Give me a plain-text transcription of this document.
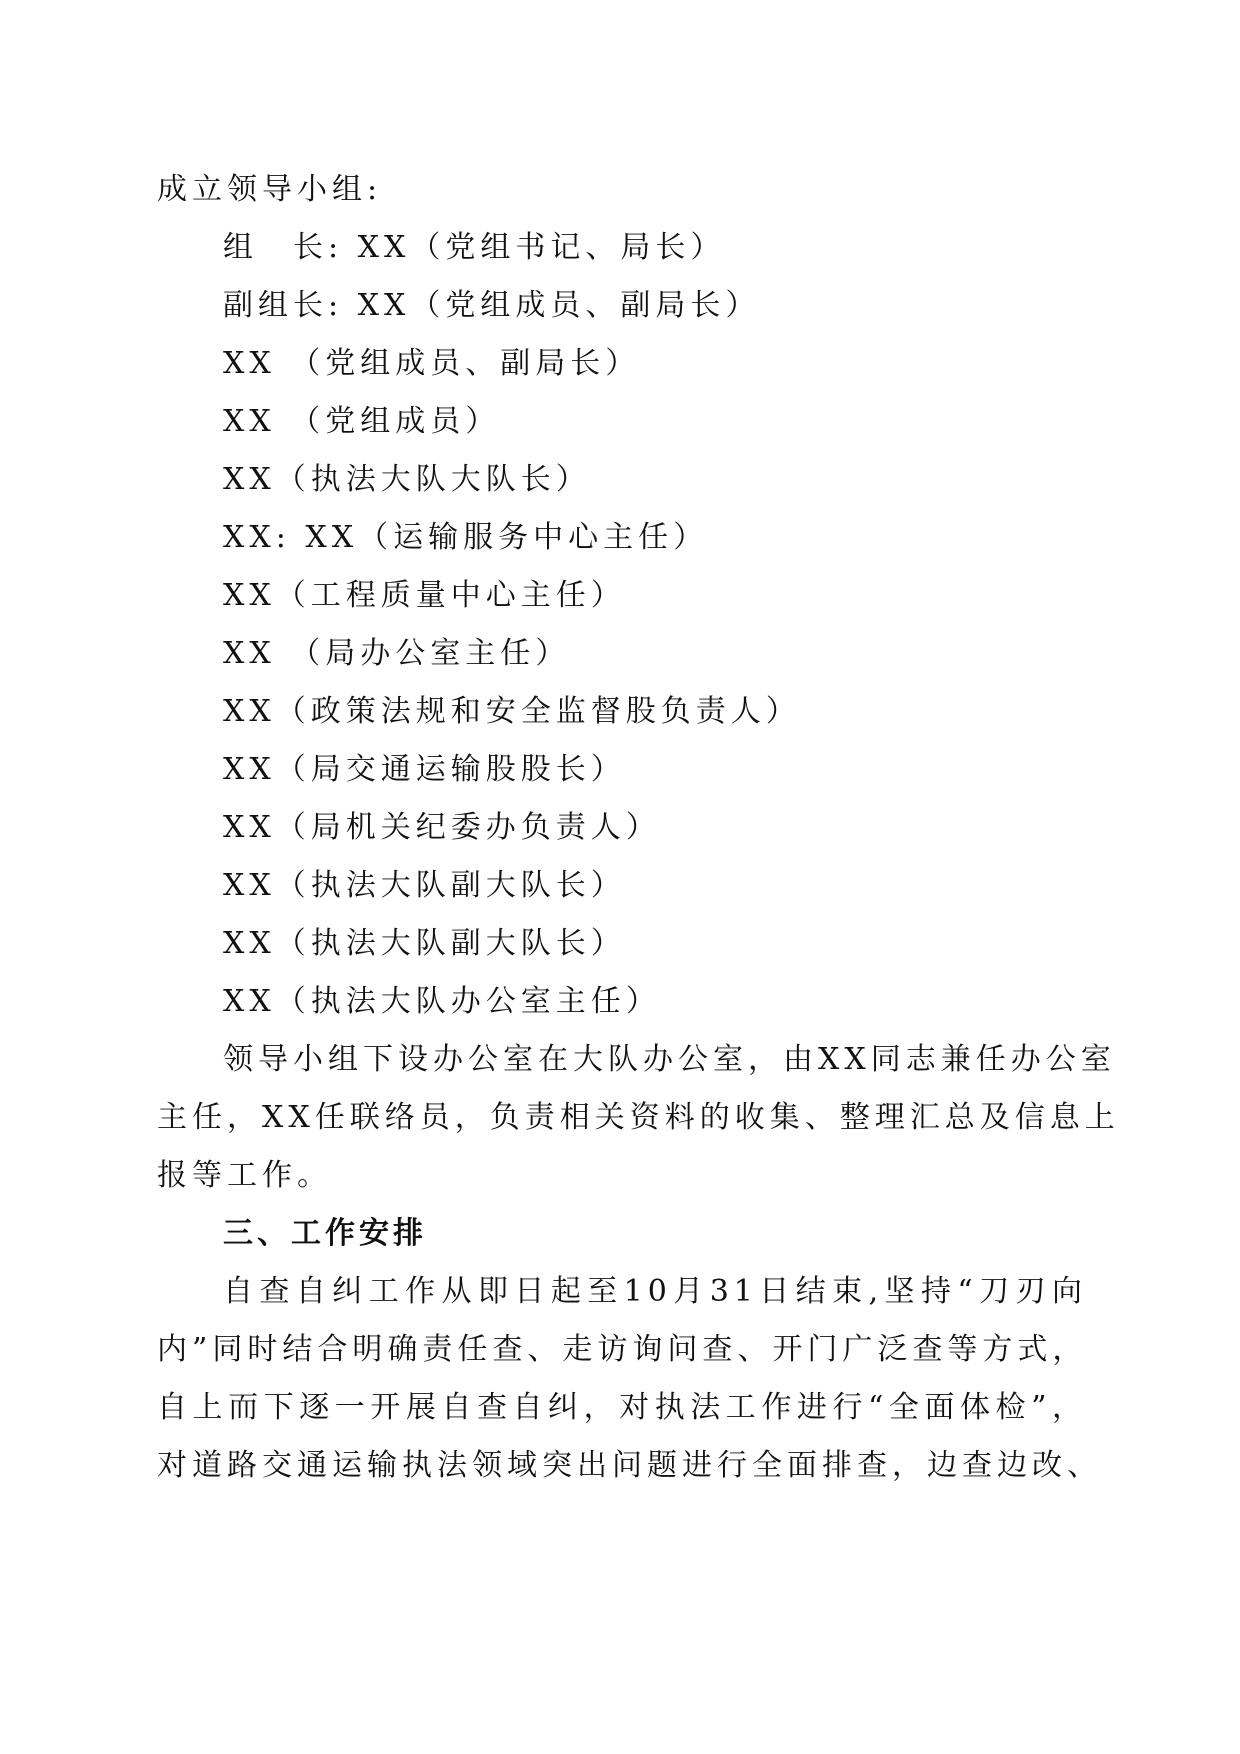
成立领导小组:
组　长: XX（党组书记、局长）
副组长: XX（党组成员、副局长）
XX （党组成员、副局长）
XX （党组成员）
XX（执法大队大队长）
XX: XX（运输服务中心主任）
XX（工程质量中心主任）
XX （局办公室主任）
XX（政策法规和安全监督股负责人）
XX（局交通运输股股长）
XX（局机关纪委办负责人）
XX（执法大队副大队长）
XX（执法大队副大队长）
XX（执法大队办公室主任）
领导小组下设办公室在大队办公室，由XX同志兼任办公室
主任，XX任联络员，负责相关资料的收集、整理汇总及信息上
报等工作。
三、工作安排
自查自纠工作从即日起至10月31日结束,坚持“刀刃向
内”同时结合明确责任查、走访询问查、开门广泛查等方式，
自上而下逐一开展自查自纠，对执法工作进行“全面体检”，
对道路交通运输执法领域突出问题进行全面排查，边查边改、
